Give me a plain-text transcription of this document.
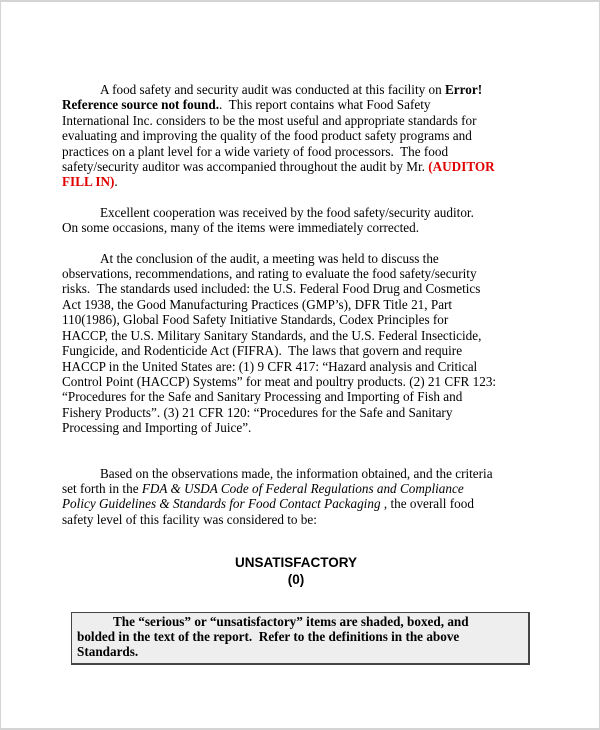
A food safety and security audit was conducted at this facility on Error!
Reference source not found..  This report contains what Food Safety
International Inc. considers to be the most useful and appropriate standards for
evaluating and improving the quality of the food product safety programs and
practices on a plant level for a wide variety of food processors.  The food
safety/security auditor was accompanied throughout the audit by Mr. (AUDITOR
FILL IN).
Excellent cooperation was received by the food safety/security auditor.
On some occasions, many of the items were immediately corrected.
At the conclusion of the audit, a meeting was held to discuss the
observations, recommendations, and rating to evaluate the food safety/security
risks.  The standards used included: the U.S. Federal Food Drug and Cosmetics
Act 1938, the Good Manufacturing Practices (GMP’s), DFR Title 21, Part
110(1986), Global Food Safety Initiative Standards, Codex Principles for
HACCP, the U.S. Military Sanitary Standards, and the U.S. Federal Insecticide,
Fungicide, and Rodenticide Act (FIFRA).  The laws that govern and require
HACCP in the United States are: (1) 9 CFR 417: “Hazard analysis and Critical
Control Point (HACCP) Systems” for meat and poultry products. (2) 21 CFR 123:
“Procedures for the Safe and Sanitary Processing and Importing of Fish and
Fishery Products”. (3) 21 CFR 120: “Procedures for the Safe and Sanitary
Processing and Importing of Juice”.
Based on the observations made, the information obtained, and the criteria
set forth in the FDA & USDA Code of Federal Regulations and Compliance
Policy Guidelines & Standards for Food Contact Packaging , the overall food
safety level of this facility was considered to be:
UNSATISFACTORY
(0)
The “serious” or “unsatisfactory” items are shaded, boxed, and
bolded in the text of the report.  Refer to the definitions in the above
Standards.
